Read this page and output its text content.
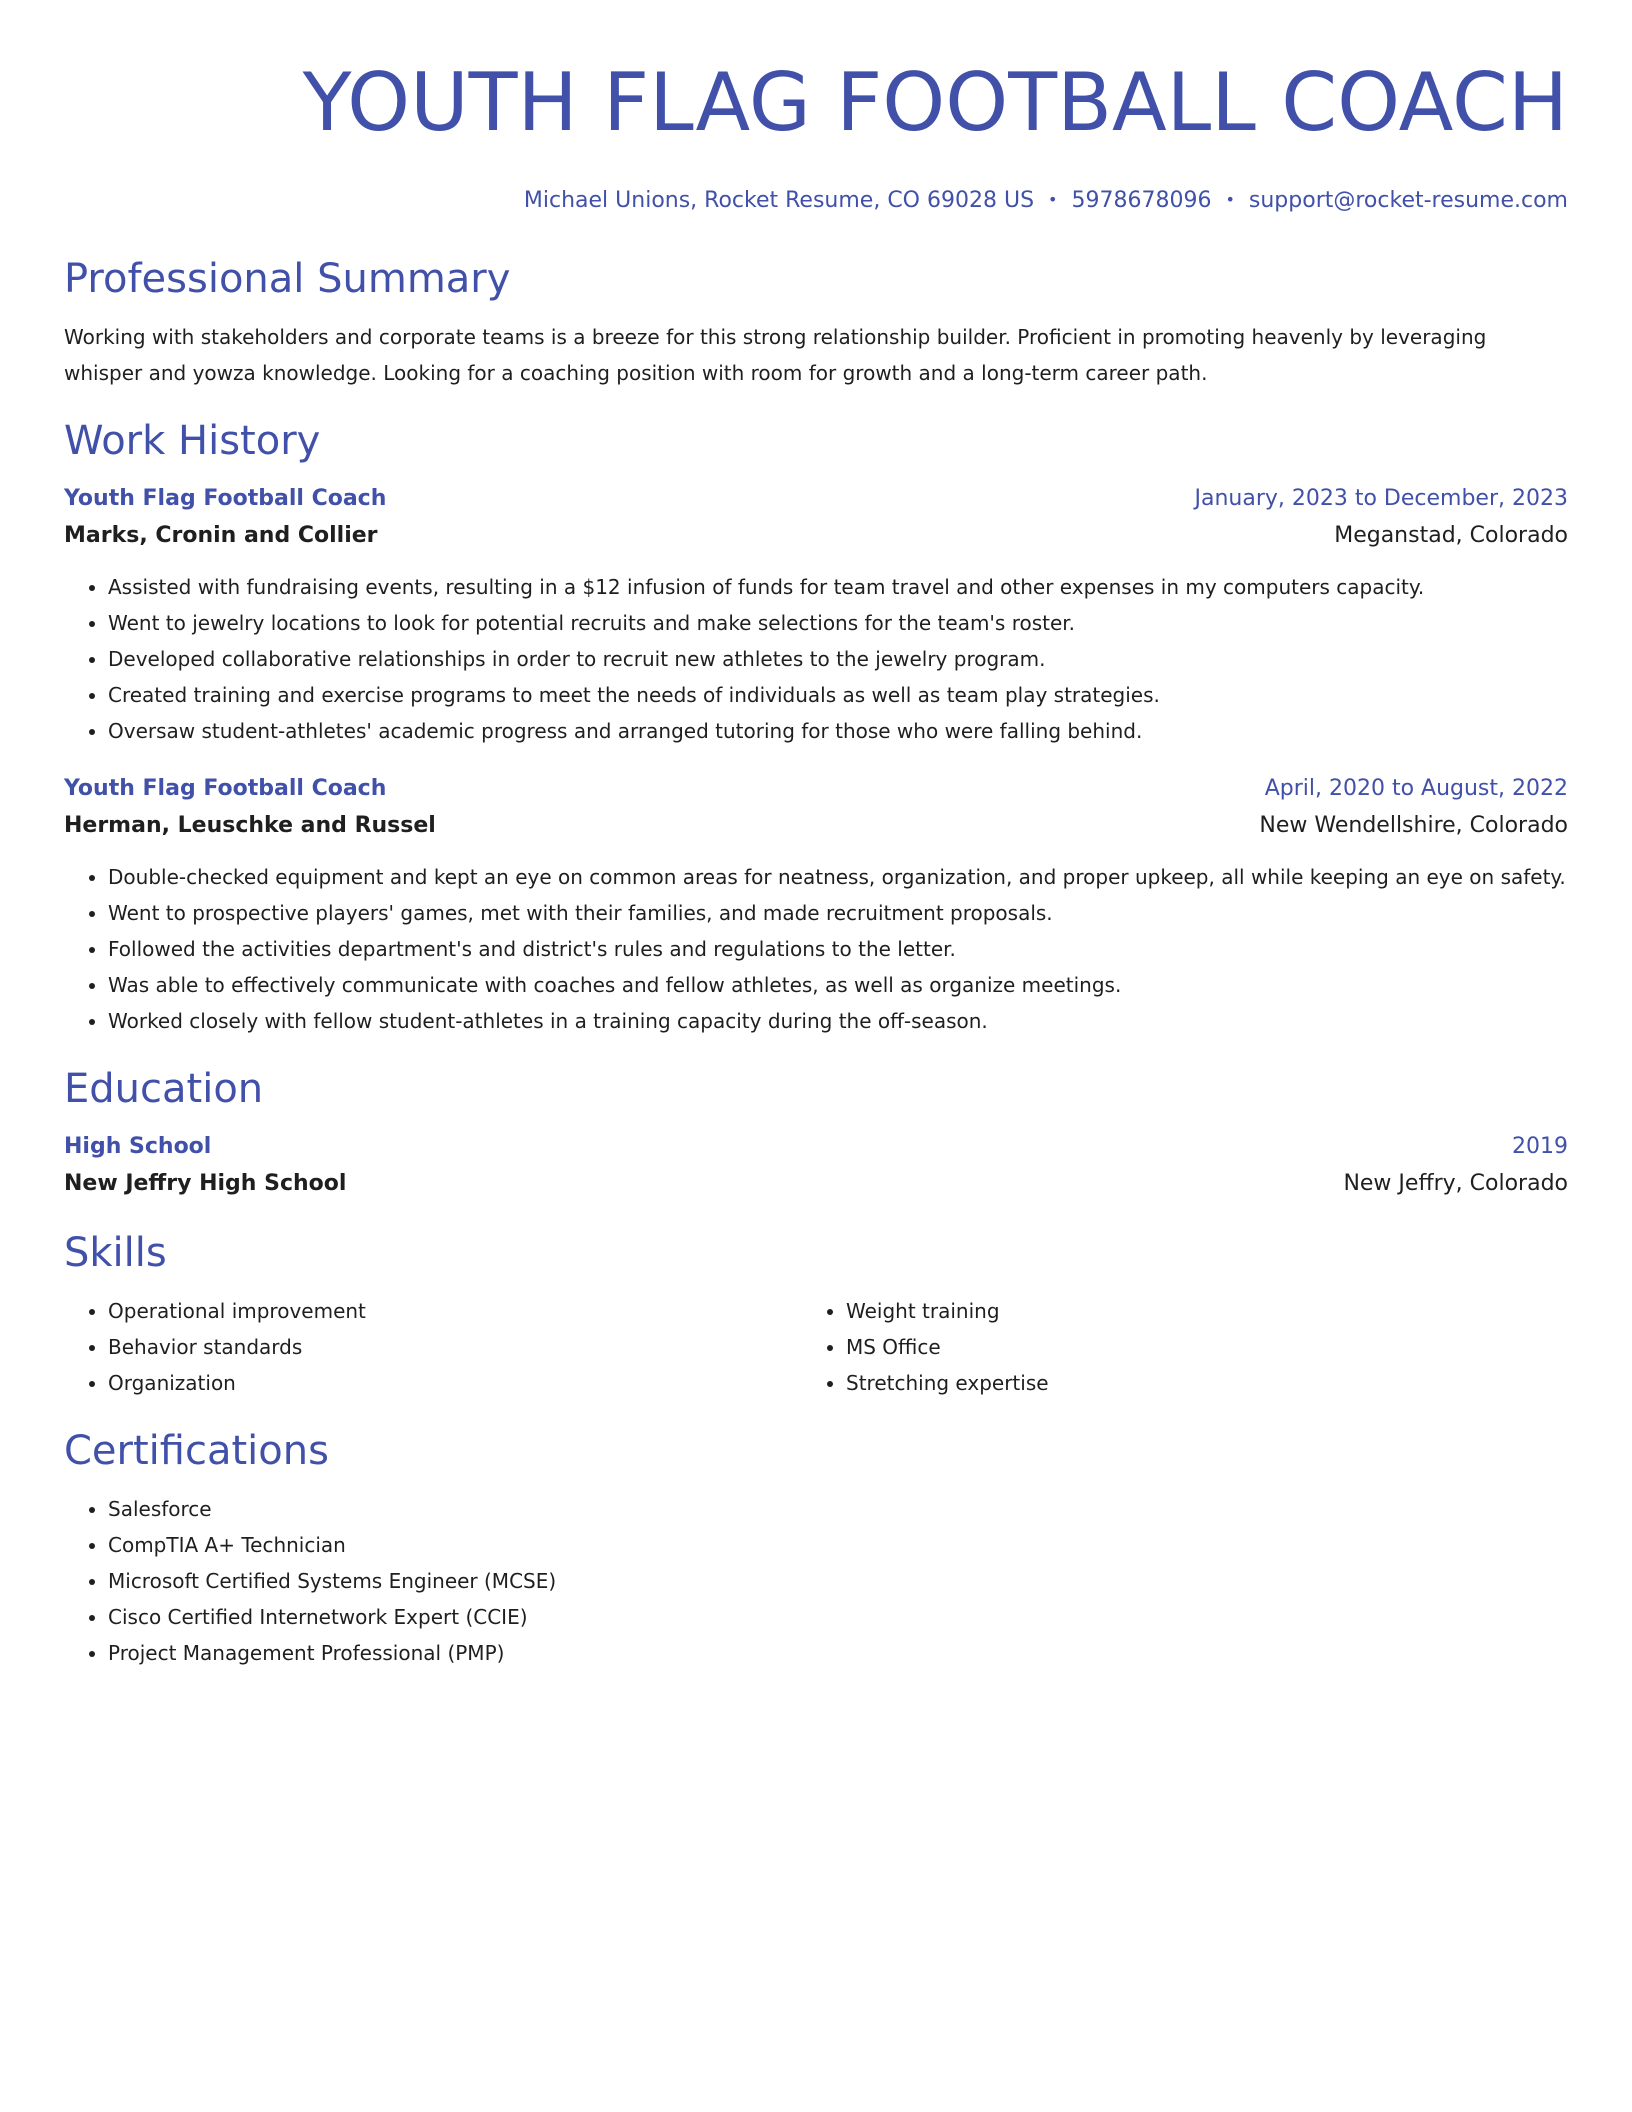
YOUTH FLAG FOOTBALL COACH
Michael Unions, Rocket Resume, CO 69028 US • 5978678096 • support@rocket-resume.com
Professional Summary
Working with stakeholders and corporate teams is a breeze for this strong relationship builder. Proficient in promoting heavenly by leveraging whisper and yowza knowledge. Looking for a coaching position with room for growth and a long-term career path.
Work History
Youth Flag Football Coach	January, 2023 to December, 2023
Marks, Cronin and Collier	Meganstad, Colorado
• Assisted with fundraising events, resulting in a $12 infusion of funds for team travel and other expenses in my computers capacity.
• Went to jewelry locations to look for potential recruits and make selections for the team's roster.
• Developed collaborative relationships in order to recruit new athletes to the jewelry program.
• Created training and exercise programs to meet the needs of individuals as well as team play strategies.
• Oversaw student-athletes' academic progress and arranged tutoring for those who were falling behind.
Youth Flag Football Coach	April, 2020 to August, 2022
Herman, Leuschke and Russel	New Wendellshire, Colorado
• Double-checked equipment and kept an eye on common areas for neatness, organization, and proper upkeep, all while keeping an eye on safety.
• Went to prospective players' games, met with their families, and made recruitment proposals.
• Followed the activities department's and district's rules and regulations to the letter.
• Was able to effectively communicate with coaches and fellow athletes, as well as organize meetings.
• Worked closely with fellow student-athletes in a training capacity during the off-season.
Education
High School	2019
New Jeffry High School	New Jeffry, Colorado
Skills
• Operational improvement
• Behavior standards
• Organization
• Weight training
• MS Office
• Stretching expertise
Certifications
• Salesforce
• CompTIA A+ Technician
• Microsoft Certified Systems Engineer (MCSE)
• Cisco Certified Internetwork Expert (CCIE)
• Project Management Professional (PMP)
